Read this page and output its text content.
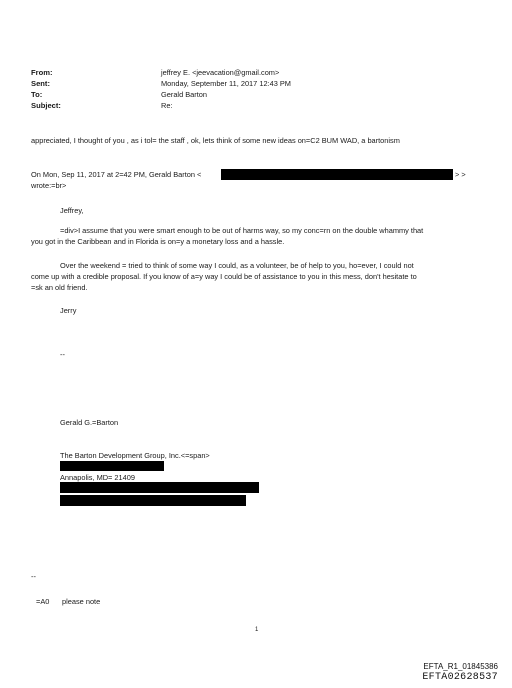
From:	jeffrey E. <jeevacation@gmail.com>
Sent:	Monday, September 11, 2017 12:43 PM
To:	Gerald Barton
Subject:	Re:
appreciated, I thought of you , as i tol= the staff , ok, lets think of some new ideas on=C2 BUM WAD, a bartonism
On Mon, Sep 11, 2017 at 2=42 PM, Gerald Barton <	> >
wrote:=br>
Jeffrey,
=div>I assume that you were smart enough to be out of harms way, so my conc=rn on the double whammy that
you got in the Caribbean and in Florida is on=y a monetary loss and a hassle.
Over the weekend = tried to think of some way I could, as a volunteer, be of help to you, ho=ever, I could not
come up with a credible proposal. If you know of a=y way I could be of assistance to you in this mess, don't hesitate to
=sk an old friend.
Jerry
--
Gerald G.=Barton
The Barton Development Group, Inc.<=span>
Annapolis, MD= 21409
--
=A0 please note
1
EFTA_R1_01845386
EFTA02628537
